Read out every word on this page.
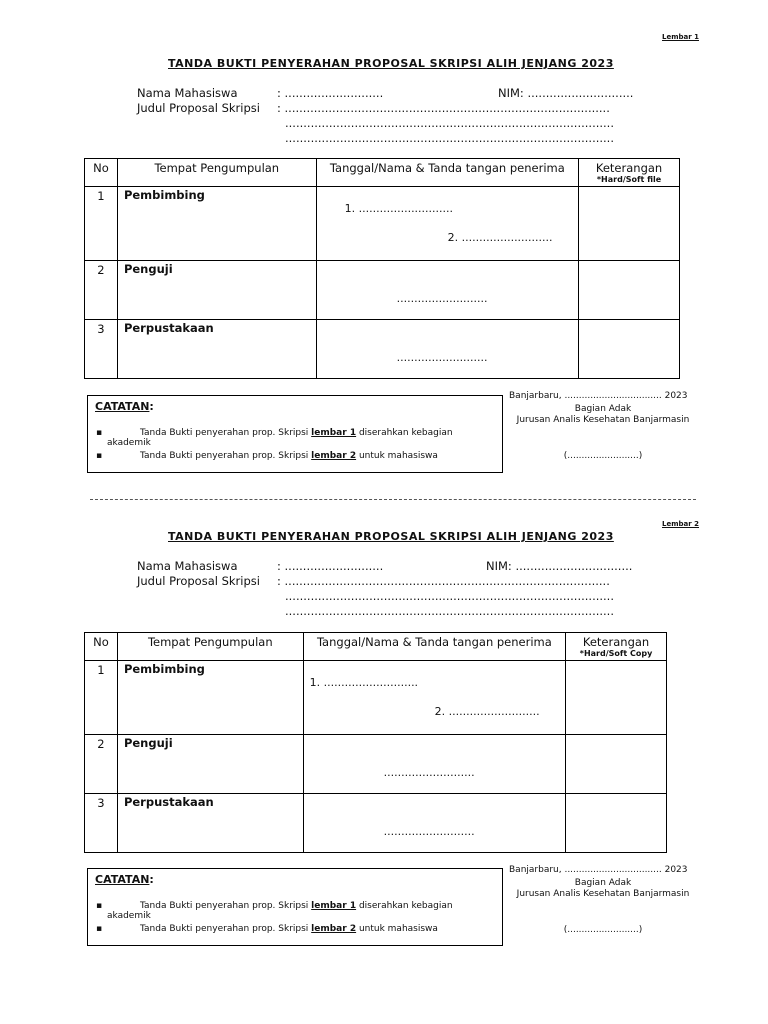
Lembar 1
TANDA BUKTI PENYERAHAN PROPOSAL SKRIPSI ALIH JENJANG 2023
Nama Mahasiswa	: ...........................	NIM: .............................
Judul Proposal Skripsi : .........................................................................................
..........................................................................................
..........................................................................................
No	Tempat Pengumpulan	Tanggal/Nama & Tanda tangan penerima	Keterangan
*Hard/Soft file

1	Pembimbing	1. ...........................
2. ..........................	

2	Penguji	..........................	

3	Perpustakaan	..........................	

CATATAN:
▪	Tanda Bukti penyerahan prop. Skripsi lembar 1 diserahkan kebagian
akademik
▪	Tanda Bukti penyerahan prop. Skripsi lembar 2 untuk mahasiswa
Banjarbaru, .................................. 2023
Bagian Adak
Jurusan Analis Kesehatan Banjarmasin
(.........................)
Lembar 2
TANDA BUKTI PENYERAHAN PROPOSAL SKRIPSI ALIH JENJANG 2023
Nama Mahasiswa	: ...........................	NIM: ................................
Judul Proposal Skripsi : .........................................................................................
..........................................................................................
..........................................................................................
No	Tempat Pengumpulan	Tanggal/Nama & Tanda tangan penerima	Keterangan
*Hard/Soft Copy

1	Pembimbing	1. ...........................
2. ..........................	

2	Penguji	..........................	

3	Perpustakaan	..........................	

CATATAN:
▪	Tanda Bukti penyerahan prop. Skripsi lembar 1 diserahkan kebagian
akademik
▪	Tanda Bukti penyerahan prop. Skripsi lembar 2 untuk mahasiswa
Banjarbaru, .................................. 2023
Bagian Adak
Jurusan Analis Kesehatan Banjarmasin
(.........................)
